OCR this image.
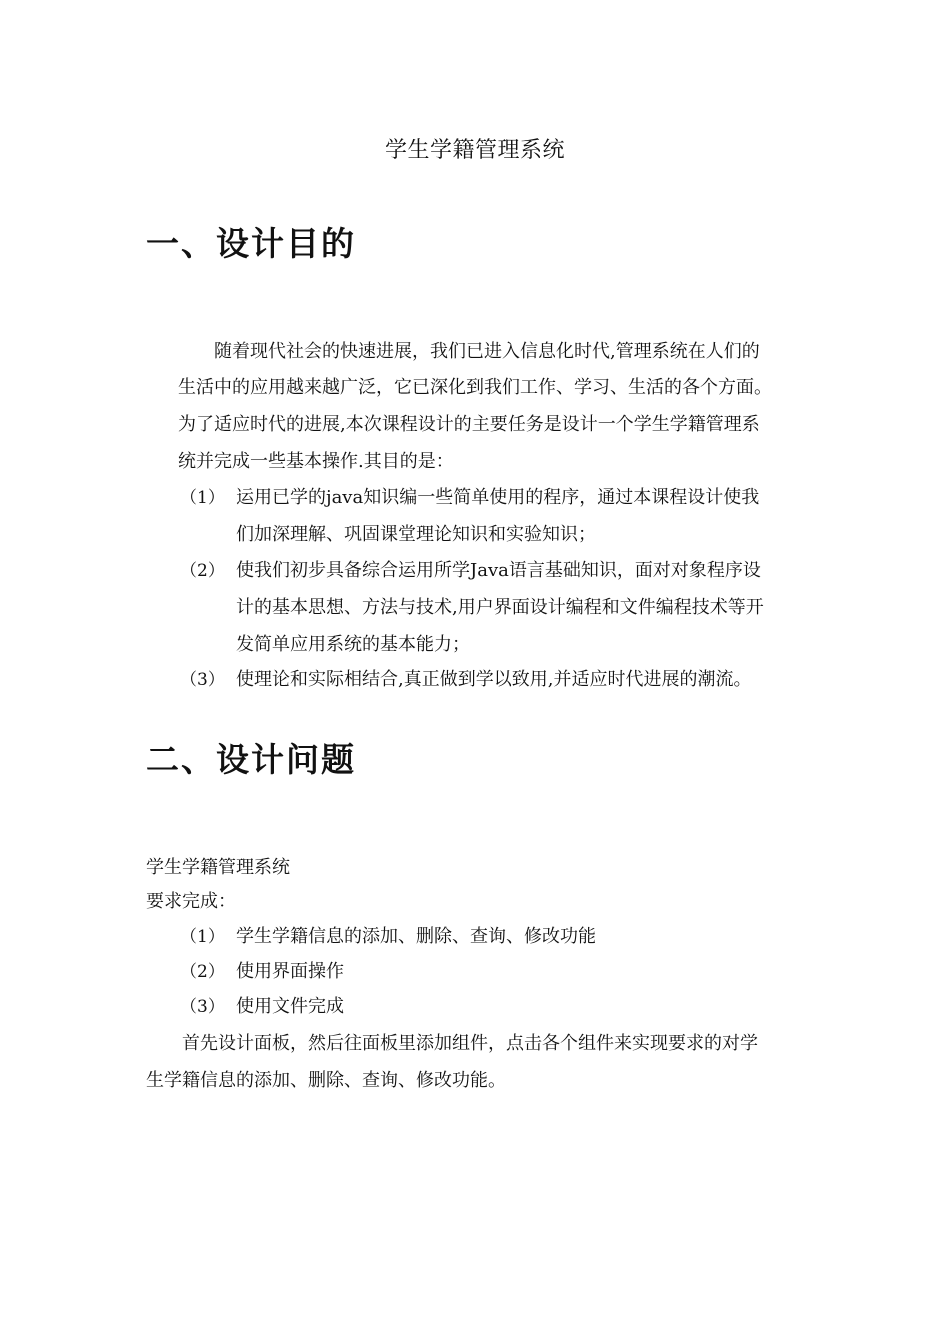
学生学籍管理系统
一、设计目的
随着现代社会的快速进展，我们已进入信息化时代,管理系统在人们的
生活中的应用越来越广泛，它已深化到我们工作、学习、生活的各个方面。
为了适应时代的进展,本次课程设计的主要任务是设计一个学生学籍管理系
统并完成一些基本操作.其目的是：
（1） 运用已学的java知识编一些简单使用的程序，通过本课程设计使我
们加深理解、巩固课堂理论知识和实验知识；
（2） 使我们初步具备综合运用所学Java语言基础知识，面对对象程序设
计的基本思想、方法与技术,用户界面设计编程和文件编程技术等开
发简单应用系统的基本能力；
（3） 使理论和实际相结合,真正做到学以致用,并适应时代进展的潮流。
二、设计问题
学生学籍管理系统
要求完成：
（1） 学生学籍信息的添加、删除、查询、修改功能
（2） 使用界面操作
（3） 使用文件完成
首先设计面板，然后往面板里添加组件，点击各个组件来实现要求的对学
生学籍信息的添加、删除、查询、修改功能。
